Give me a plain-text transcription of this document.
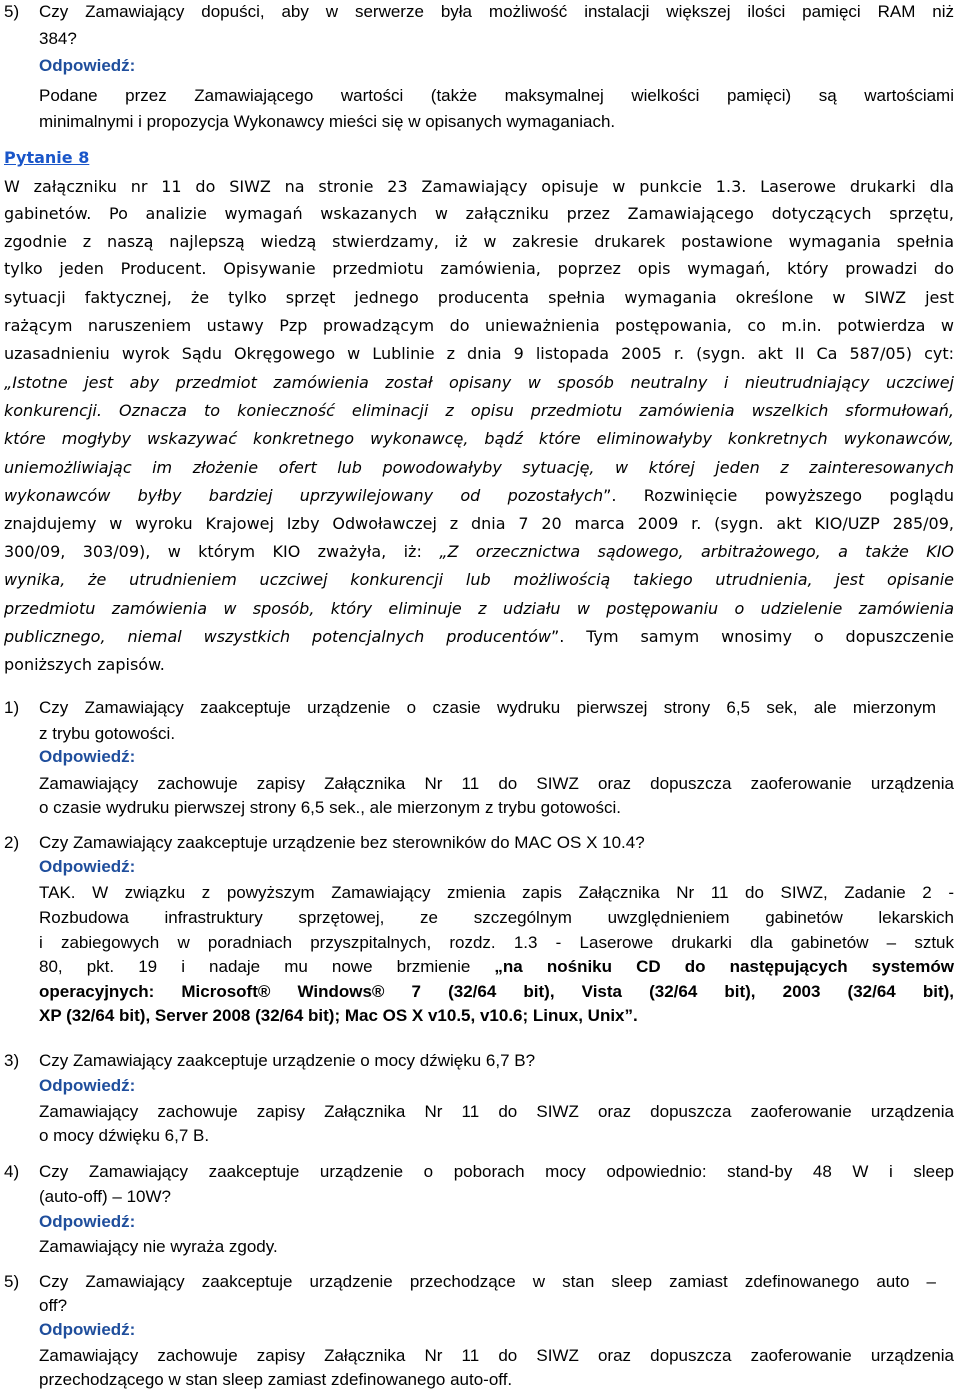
5) Czy Zamawiający dopuści, aby w serwerze była możliwość instalacji większej ilości pamięci RAM niż

384?

Odpowiedź:

Podane przez Zamawiającego wartości (także maksymalnej wielkości pamięci) są wartościami

minimalnymi i propozycja Wykonawcy mieści się w opisanych wymaganiach.

Pytanie 8

W załączniku nr 11 do SIWZ na stronie 23 Zamawiający opisuje w punkcie 1.3. Laserowe drukarki dla

gabinetów. Po analizie wymagań wskazanych w załączniku przez Zamawiającego dotyczących sprzętu,

zgodnie z naszą najlepszą wiedzą stwierdzamy, iż w zakresie drukarek postawione wymagania spełnia

tylko jeden Producent. Opisywanie przedmiotu zamówienia, poprzez opis wymagań, który prowadzi do

sytuacji faktycznej, że tylko sprzęt jednego producenta spełnia wymagania określone w SIWZ jest

rażącym naruszeniem ustawy Pzp prowadzącym do unieważnienia postępowania, co m.in. potwierdza w

uzasadnieniu wyrok Sądu Okręgowego w Lublinie z dnia 9 listopada 2005 r. (sygn. akt II Ca 587/05) cyt:

„Istotne jest aby przedmiot zamówienia został opisany w sposób neutralny i nieutrudniający uczciwej

konkurencji. Oznacza to konieczność eliminacji z opisu przedmiotu zamówienia wszelkich sformułowań,

które mogłyby wskazywać konkretnego wykonawcę, bądź które eliminowałyby konkretnych wykonawców,

uniemożliwiając im złożenie ofert lub powodowałyby sytuację, w której jeden z zainteresowanych

wykonawców byłby bardziej uprzywilejowany od pozostałych”. Rozwinięcie powyższego poglądu

znajdujemy w wyroku Krajowej Izby Odwoławczej z dnia 7 20 marca 2009 r. (sygn. akt KIO/UZP 285/09,

300/09, 303/09), w którym KIO zważyła, iż: „Z orzecznictwa sądowego, arbitrażowego, a także KIO

wynika, że utrudnieniem uczciwej konkurencji lub możliwością takiego utrudnienia, jest opisanie

przedmiotu zamówienia w sposób, który eliminuje z udziału w postępowaniu o udzielenie zamówienia

publicznego, niemal wszystkich potencjalnych producentów”. Tym samym wnosimy o dopuszczenie

poniższych zapisów.

1) Czy Zamawiający zaakceptuje urządzenie o czasie wydruku pierwszej strony 6,5 sek, ale mierzonym

z trybu gotowości.

Odpowiedź:

Zamawiający zachowuje zapisy Załącznika Nr 11 do SIWZ oraz dopuszcza zaoferowanie urządzenia

o czasie wydruku pierwszej strony 6,5 sek., ale mierzonym z trybu gotowości.

2) Czy Zamawiający zaakceptuje urządzenie bez sterowników do MAC OS X 10.4?

Odpowiedź:

TAK. W związku z powyższym Zamawiający zmienia zapis Załącznika Nr 11 do SIWZ, Zadanie 2 -

Rozbudowa infrastruktury sprzętowej, ze szczególnym uwzględnieniem gabinetów lekarskich

i zabiegowych w poradniach przyszpitalnych, rozdz. 1.3 - Laserowe drukarki dla gabinetów – sztuk

80, pkt. 19 i nadaje mu nowe brzmienie „na nośniku CD do następujących systemów

operacyjnych: Microsoft® Windows® 7 (32/64 bit), Vista (32/64 bit), 2003 (32/64 bit),

XP (32/64 bit), Server 2008 (32/64 bit); Mac OS X v10.5, v10.6; Linux, Unix”.

3) Czy Zamawiający zaakceptuje urządzenie o mocy dźwięku 6,7 B?

Odpowiedź:

Zamawiający zachowuje zapisy Załącznika Nr 11 do SIWZ oraz dopuszcza zaoferowanie urządzenia

o mocy dźwięku 6,7 B.

4) Czy Zamawiający zaakceptuje urządzenie o poborach mocy odpowiednio: stand-by 48 W i sleep

(auto-off) – 10W?

Odpowiedź:

Zamawiający nie wyraża zgody.

5) Czy Zamawiający zaakceptuje urządzenie przechodzące w stan sleep zamiast zdefinowanego auto –

off?

Odpowiedź:

Zamawiający zachowuje zapisy Załącznika Nr 11 do SIWZ oraz dopuszcza zaoferowanie urządzenia

przechodzącego w stan sleep zamiast zdefinowanego auto-off.
